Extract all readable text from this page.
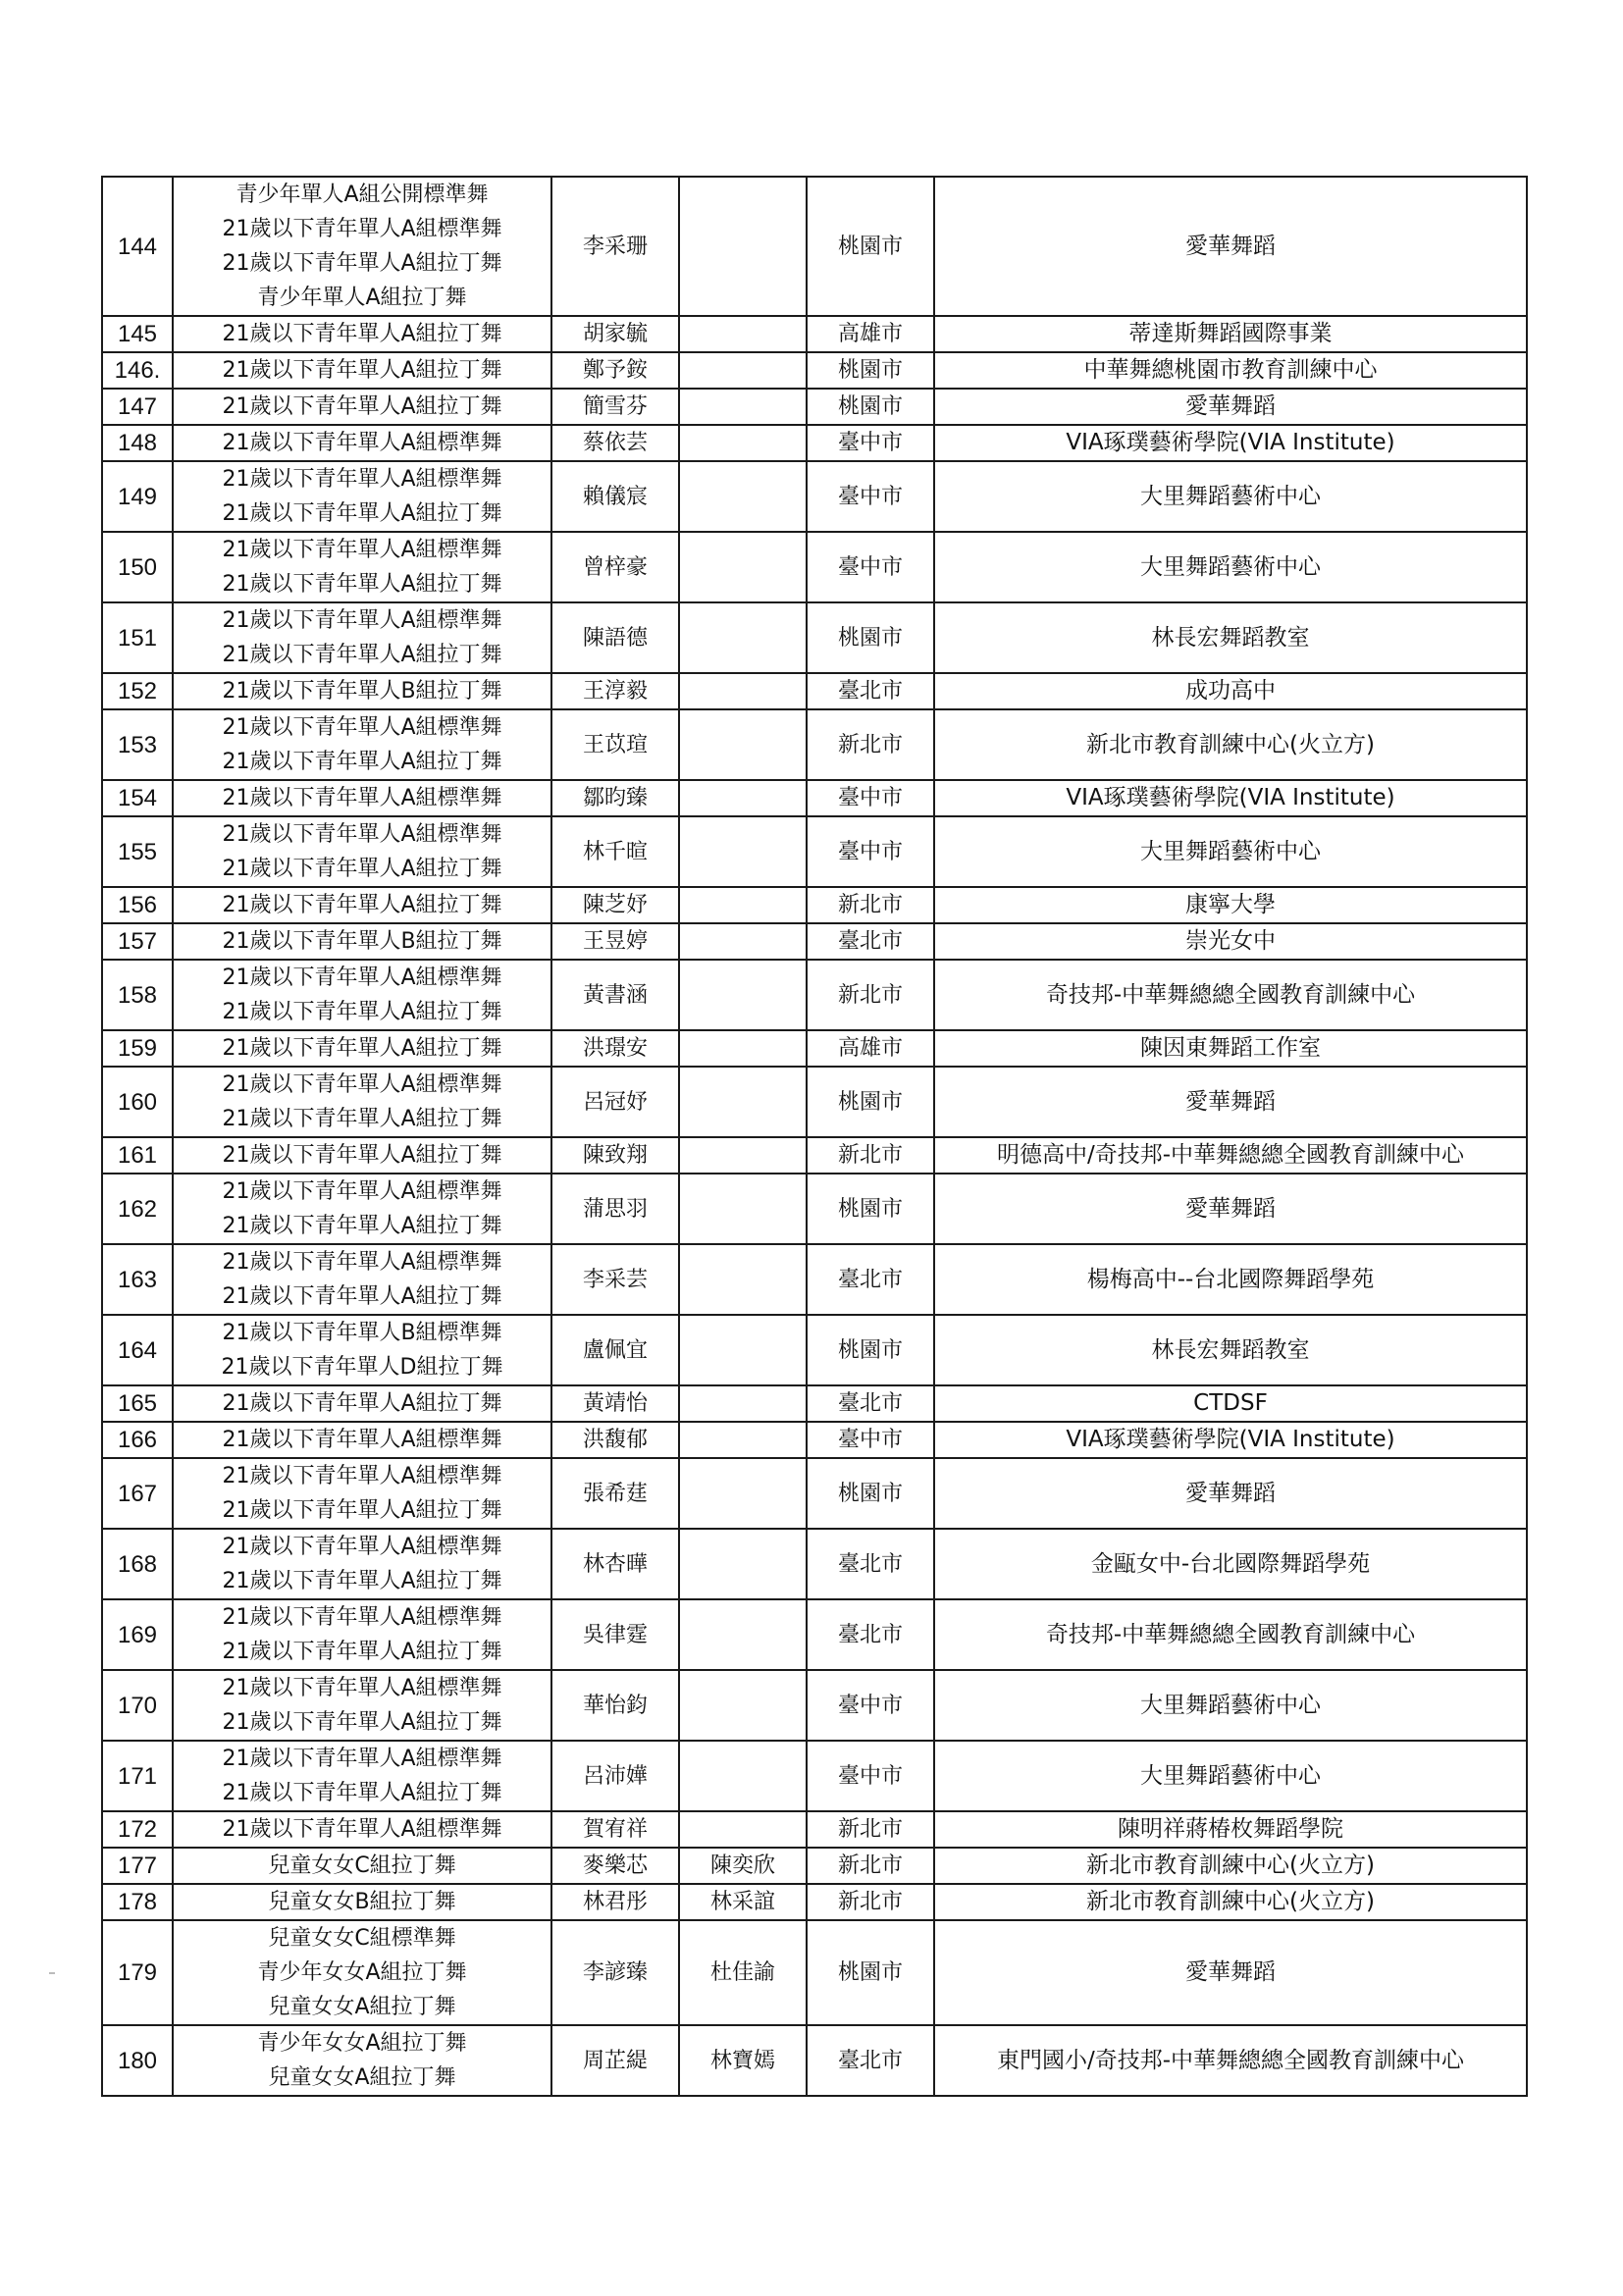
144	青少年單人A組公開標準舞
21歲以下青年單人A組標準舞
21歲以下青年單人A組拉丁舞
青少年單人A組拉丁舞	李采珊		桃園市	愛華舞蹈
145	21歲以下青年單人A組拉丁舞	胡家毓		高雄市	蒂達斯舞蹈國際事業
146.	21歲以下青年單人A組拉丁舞	鄭予銨		桃園市	中華舞總桃園市教育訓練中心
147	21歲以下青年單人A組拉丁舞	簡雪芬		桃園市	愛華舞蹈
148	21歲以下青年單人A組標準舞	蔡依芸		臺中市	VIA琢璞藝術學院(VIA Institute)
149	21歲以下青年單人A組標準舞
21歲以下青年單人A組拉丁舞	賴儀宸		臺中市	大里舞蹈藝術中心
150	21歲以下青年單人A組標準舞
21歲以下青年單人A組拉丁舞	曾梓豪		臺中市	大里舞蹈藝術中心
151	21歲以下青年單人A組標準舞
21歲以下青年單人A組拉丁舞	陳語德		桃園市	林長宏舞蹈教室
152	21歲以下青年單人B組拉丁舞	王淳毅		臺北市	成功高中
153	21歲以下青年單人A組標準舞
21歲以下青年單人A組拉丁舞	王苡瑄		新北市	新北市教育訓練中心(火立方)
154	21歲以下青年單人A組標準舞	鄒昀臻		臺中市	VIA琢璞藝術學院(VIA Institute)
155	21歲以下青年單人A組標準舞
21歲以下青年單人A組拉丁舞	林千暄		臺中市	大里舞蹈藝術中心
156	21歲以下青年單人A組拉丁舞	陳芝妤		新北市	康寧大學
157	21歲以下青年單人B組拉丁舞	王昱婷		臺北市	崇光女中
158	21歲以下青年單人A組標準舞
21歲以下青年單人A組拉丁舞	黃書涵		新北市	奇技邦-中華舞總總全國教育訓練中心
159	21歲以下青年單人A組拉丁舞	洪璟安		高雄市	陳因東舞蹈工作室
160	21歲以下青年單人A組標準舞
21歲以下青年單人A組拉丁舞	呂冠妤		桃園市	愛華舞蹈
161	21歲以下青年單人A組拉丁舞	陳致翔		新北市	明德高中/奇技邦-中華舞總總全國教育訓練中心
162	21歲以下青年單人A組標準舞
21歲以下青年單人A組拉丁舞	蒲思羽		桃園市	愛華舞蹈
163	21歲以下青年單人A組標準舞
21歲以下青年單人A組拉丁舞	李采芸		臺北市	楊梅高中--台北國際舞蹈學苑
164	21歲以下青年單人B組標準舞
21歲以下青年單人D組拉丁舞	盧佩宜		桃園市	林長宏舞蹈教室
165	21歲以下青年單人A組拉丁舞	黃靖怡		臺北市	CTDSF
166	21歲以下青年單人A組標準舞	洪馥郁		臺中市	VIA琢璞藝術學院(VIA Institute)
167	21歲以下青年單人A組標準舞
21歲以下青年單人A組拉丁舞	張希莛		桃園市	愛華舞蹈
168	21歲以下青年單人A組標準舞
21歲以下青年單人A組拉丁舞	林杏曄		臺北市	金甌女中-台北國際舞蹈學苑
169	21歲以下青年單人A組標準舞
21歲以下青年單人A組拉丁舞	吳律霆		臺北市	奇技邦-中華舞總總全國教育訓練中心
170	21歲以下青年單人A組標準舞
21歲以下青年單人A組拉丁舞	華怡鈞		臺中市	大里舞蹈藝術中心
171	21歲以下青年單人A組標準舞
21歲以下青年單人A組拉丁舞	呂沛嬅		臺中市	大里舞蹈藝術中心
172	21歲以下青年單人A組標準舞	賀宥祥		新北市	陳明祥蔣椿枚舞蹈學院
177	兒童女女C組拉丁舞	麥樂芯	陳奕欣	新北市	新北市教育訓練中心(火立方)
178	兒童女女B組拉丁舞	林君彤	林采誼	新北市	新北市教育訓練中心(火立方)
179	兒童女女C組標準舞
青少年女女A組拉丁舞
兒童女女A組拉丁舞	李諺臻	杜佳諭	桃園市	愛華舞蹈
180	青少年女女A組拉丁舞
兒童女女A組拉丁舞	周芷緹	林寶嫣	臺北市	東門國小/奇技邦-中華舞總總全國教育訓練中心
